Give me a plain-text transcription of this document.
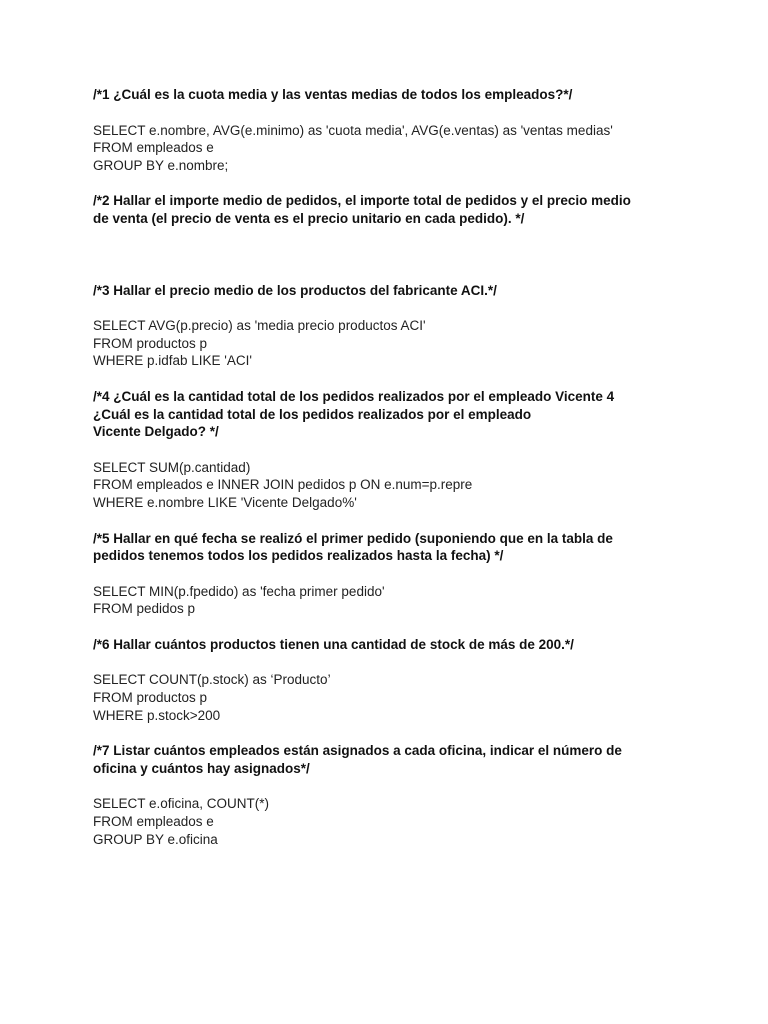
/*1 ¿Cuál es la cuota media y las ventas medias de todos los empleados?*/
SELECT e.nombre, AVG(e.minimo) as 'cuota media', AVG(e.ventas) as 'ventas medias'
FROM empleados e
GROUP BY e.nombre;
/*2 Hallar el importe medio de pedidos, el importe total de pedidos y el precio medio
de venta (el precio de venta es el precio unitario en cada pedido). */
/*3 Hallar el precio medio de los productos del fabricante ACI.*/
SELECT AVG(p.precio) as 'media precio productos ACI'
FROM productos p
WHERE p.idfab LIKE 'ACI'
/*4 ¿Cuál es la cantidad total de los pedidos realizados por el empleado Vicente 4
¿Cuál es la cantidad total de los pedidos realizados por el empleado
Vicente Delgado? */
SELECT SUM(p.cantidad)
FROM empleados e INNER JOIN pedidos p ON e.num=p.repre
WHERE e.nombre LIKE 'Vicente Delgado%'
/*5 Hallar en qué fecha se realizó el primer pedido (suponiendo que en la tabla de
pedidos tenemos todos los pedidos realizados hasta la fecha) */
SELECT MIN(p.fpedido) as 'fecha primer pedido'
FROM pedidos p
/*6 Hallar cuántos productos tienen una cantidad de stock de más de 200.*/
SELECT COUNT(p.stock) as ‘Producto’
FROM productos p
WHERE p.stock>200
/*7 Listar cuántos empleados están asignados a cada oficina, indicar el número de
oficina y cuántos hay asignados*/
SELECT e.oficina, COUNT(*)
FROM empleados e
GROUP BY e.oficina
